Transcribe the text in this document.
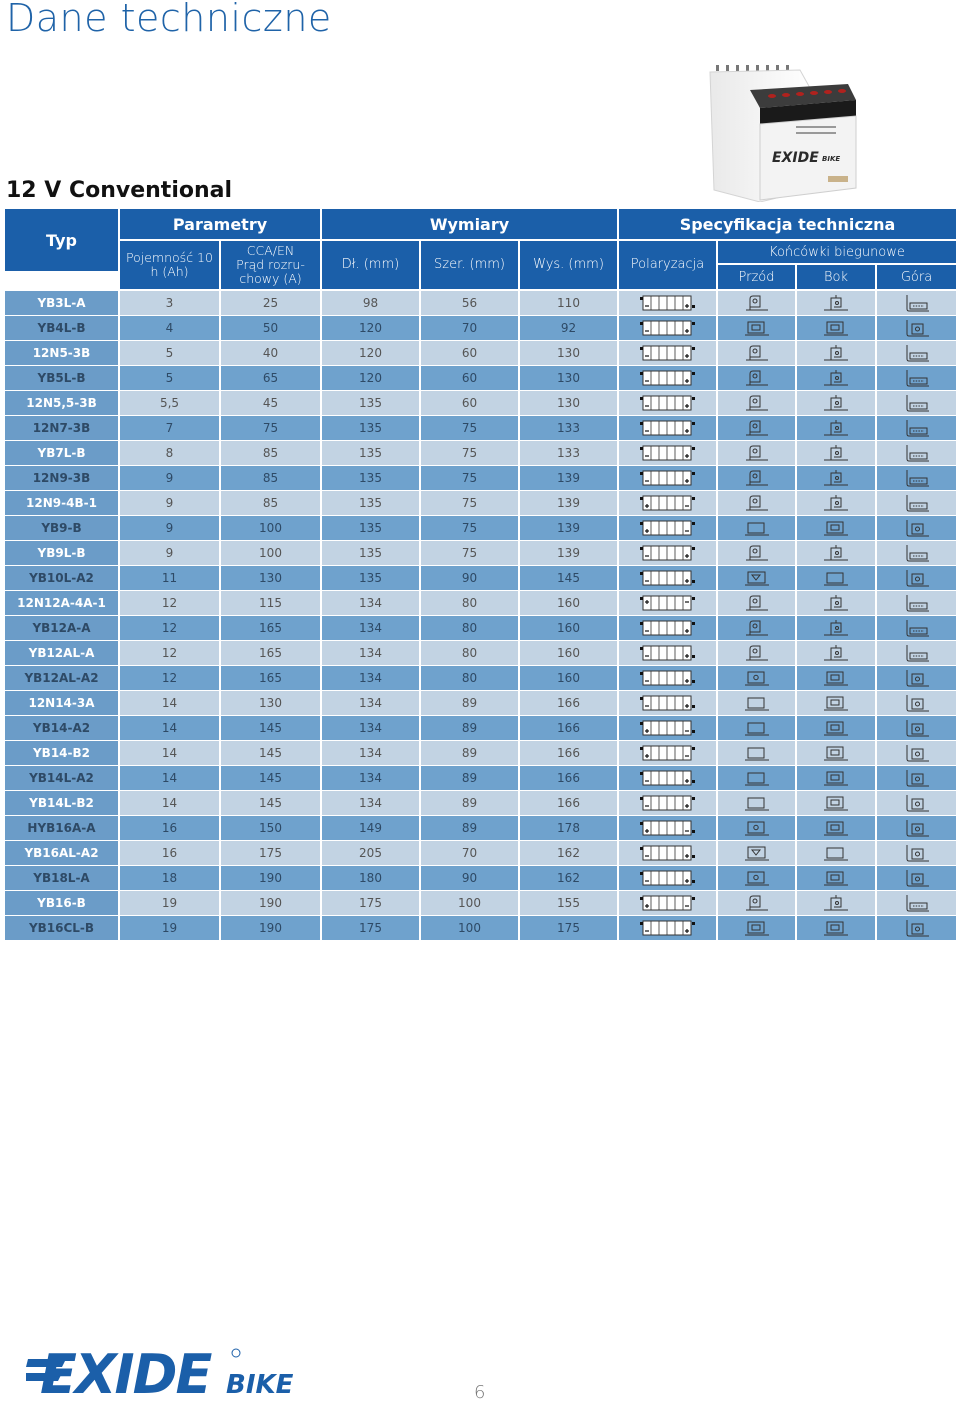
Dane techniczne
12 V Conventional
EXIDE BIKE
Typ
Parametry	Wymiary	Specyfikacja techniczna
Pojemność 10 h (Ah)
CCA/EN
Prąd rozru-
chowy (A)
Dł. (mm)	Szer. (mm)	Wys. (mm)	Polaryzacja
Końcówki biegunowe
Przód	Bok	Góra
YB3L-A	3	25	98	56	110
YB4L-B	4	50	120	70	92
12N5-3B	5	40	120	60	130
YB5L-B	5	65	120	60	130
12N5,5-3B	5,5	45	135	60	130
12N7-3B	7	75	135	75	133
YB7L-B	8	85	135	75	133
12N9-3B	9	85	135	75	139
12N9-4B-1	9	85	135	75	139
YB9-B	9	100	135	75	139
YB9L-B	9	100	135	75	139
YB10L-A2	11	130	135	90	145
12N12A-4A-1	12	115	134	80	160
YB12A-A	12	165	134	80	160
YB12AL-A	12	165	134	80	160
YB12AL-A2	12	165	134	80	160
12N14-3A	14	130	134	89	166
YB14-A2	14	145	134	89	166
YB14-B2	14	145	134	89	166
YB14L-A2	14	145	134	89	166
YB14L-B2	14	145	134	89	166
HYB16A-A	16	150	149	89	178
YB16AL-A2	16	175	205	70	162
YB18L-A	18	190	180	90	162
YB16-B	19	190	175	100	155
YB16CL-B	19	190	175	100	175
EXIDE BIKE	6
